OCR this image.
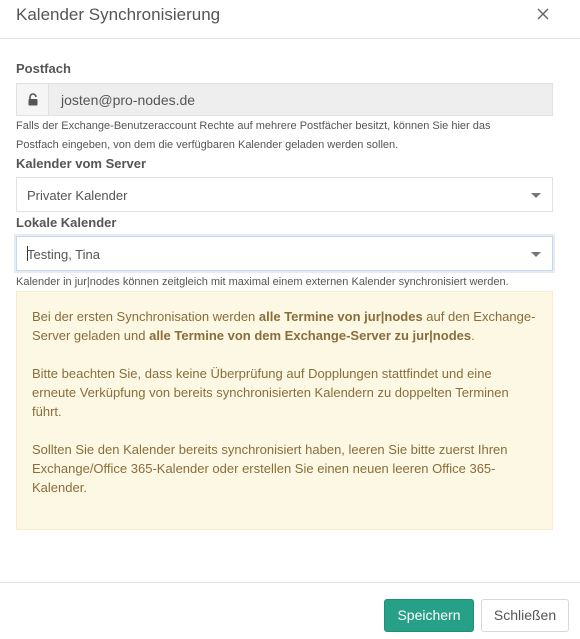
Kalender Synchronisierung
Postfach
josten@pro-nodes.de
Falls der Exchange-Benutzeraccount Rechte auf mehrere Postfächer besitzt, können Sie hier das
Postfach eingeben, von dem die verfügbaren Kalender geladen werden sollen.
Kalender vom Server
Privater Kalender
Lokale Kalender
Testing, Tina
Kalender in jur|nodes können zeitgleich mit maximal einem externen Kalender synchronisiert werden.

Bei der ersten Synchronisation werden alle Termine von jur|nodes auf den Exchange-Server geladen und alle Termine von dem Exchange-Server zu jur|nodes.

Bitte beachten Sie, dass keine Überprüfung auf Dopplungen stattfindet und eine erneute Verküpfung von bereits synchronisierten Kalendern zu doppelten Terminen führt.

Sollten Sie den Kalender bereits synchronisiert haben, leeren Sie bitte zuerst Ihren Exchange/Office 365-Kalender oder erstellen Sie einen neuen leeren Office 365-Kalender.

Speichern	Schließen
